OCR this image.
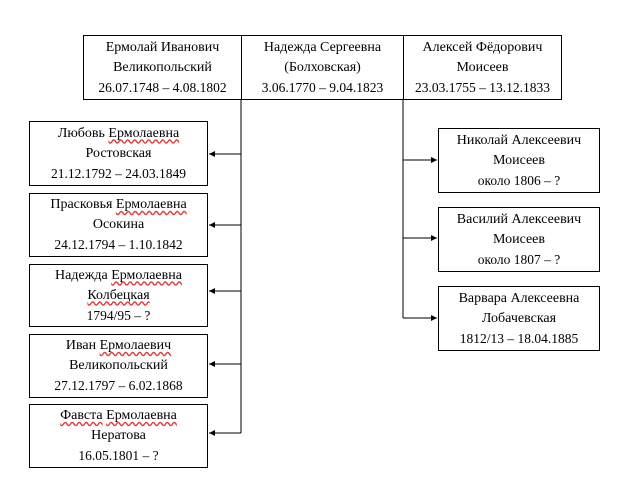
Ермолай Иванович
Великопольский
26.07.1748 – 4.08.1802
Надежда Сергеевна
(Болховская)
3.06.1770 – 9.04.1823
Алексей Фёдорович
Моисеев
23.03.1755 – 13.12.1833
Любовь Ермолаевна
Ростовская
21.12.1792 – 24.03.1849
Прасковья Ермолаевна
Осокина
24.12.1794 – 1.10.1842
Надежда Ермолаевна
Колбецкая
1794/95 – ?
Иван Ермолаевич
Великопольский
27.12.1797 – 6.02.1868
Фавста Ермолаевна
Нератова
16.05.1801 – ?
Николай Алексеевич
Моисеев
около 1806 – ?
Василий Алексеевич
Моисеев
около 1807 – ?
Варвара Алексеевна
Лобачевская
1812/13 – 18.04.1885
